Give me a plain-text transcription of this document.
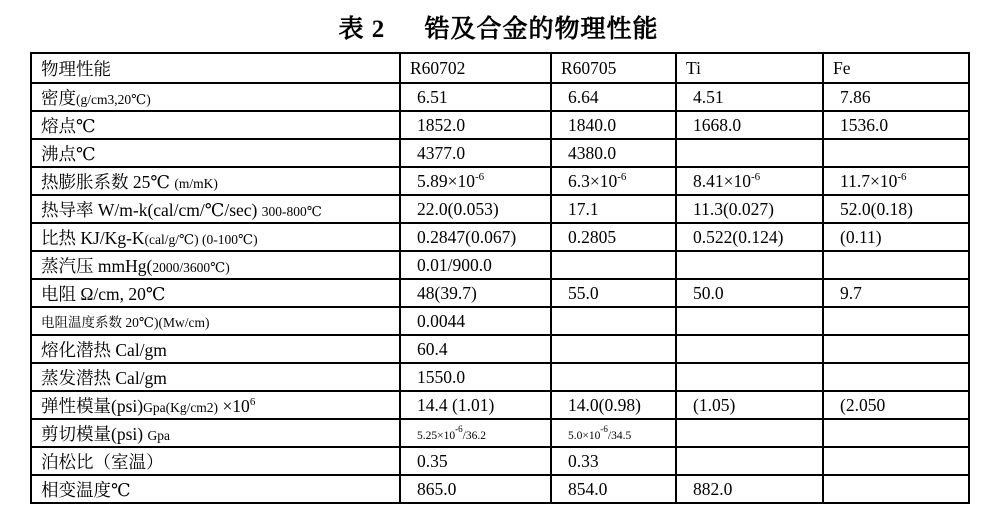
表 2 锆及合金的物理性能
物理性能	R60702	R60705	Ti	Fe
密度(g/cm3,20℃)	6.51	6.64	4.51	7.86
熔点℃	1852.0	1840.0	1668.0	1536.0
沸点℃	4377.0	4380.0		
热膨胀系数 25℃ (m/mK)	$5.89\times 10^{-6}$	$6.3\times 10^{-6}$	$8.41\times 10^{-6}$	$11.7\times 10^{-6}$
热导率 W/m-k(cal/cm/℃/sec) 300-800℃	22.0(0.053)	17.1	11.3(0.027)	52.0(0.18)
比热 KJ/Kg-K(cal/g/℃) (0-100℃)	0.2847(0.067)	0.2805	0.522(0.124)	(0.11)
蒸汽压 mmHg(2000/3600℃)	0.01/900.0			
电阻 Ω/cm, 20℃	48(39.7)	55.0	50.0	9.7
电阻温度系数 20℃)(Mw/cm)	0.0044			
熔化潜热 Cal/gm	60.4			
蒸发潜热 Cal/gm	1550.0			
弹性模量$(psi)Gpa(Kg/cm2) \times 10^6$	14.4 (1.01)	14.0(0.98)	(1.05)	(2.050
剪切模量(psi) Gpa	$5.25\times 10^{-6}/36.2$	$5.0\times 10^{-6}/34.5$		
泊松比（室温）	0.35	0.33		
相变温度℃	865.0	854.0	882.0	
